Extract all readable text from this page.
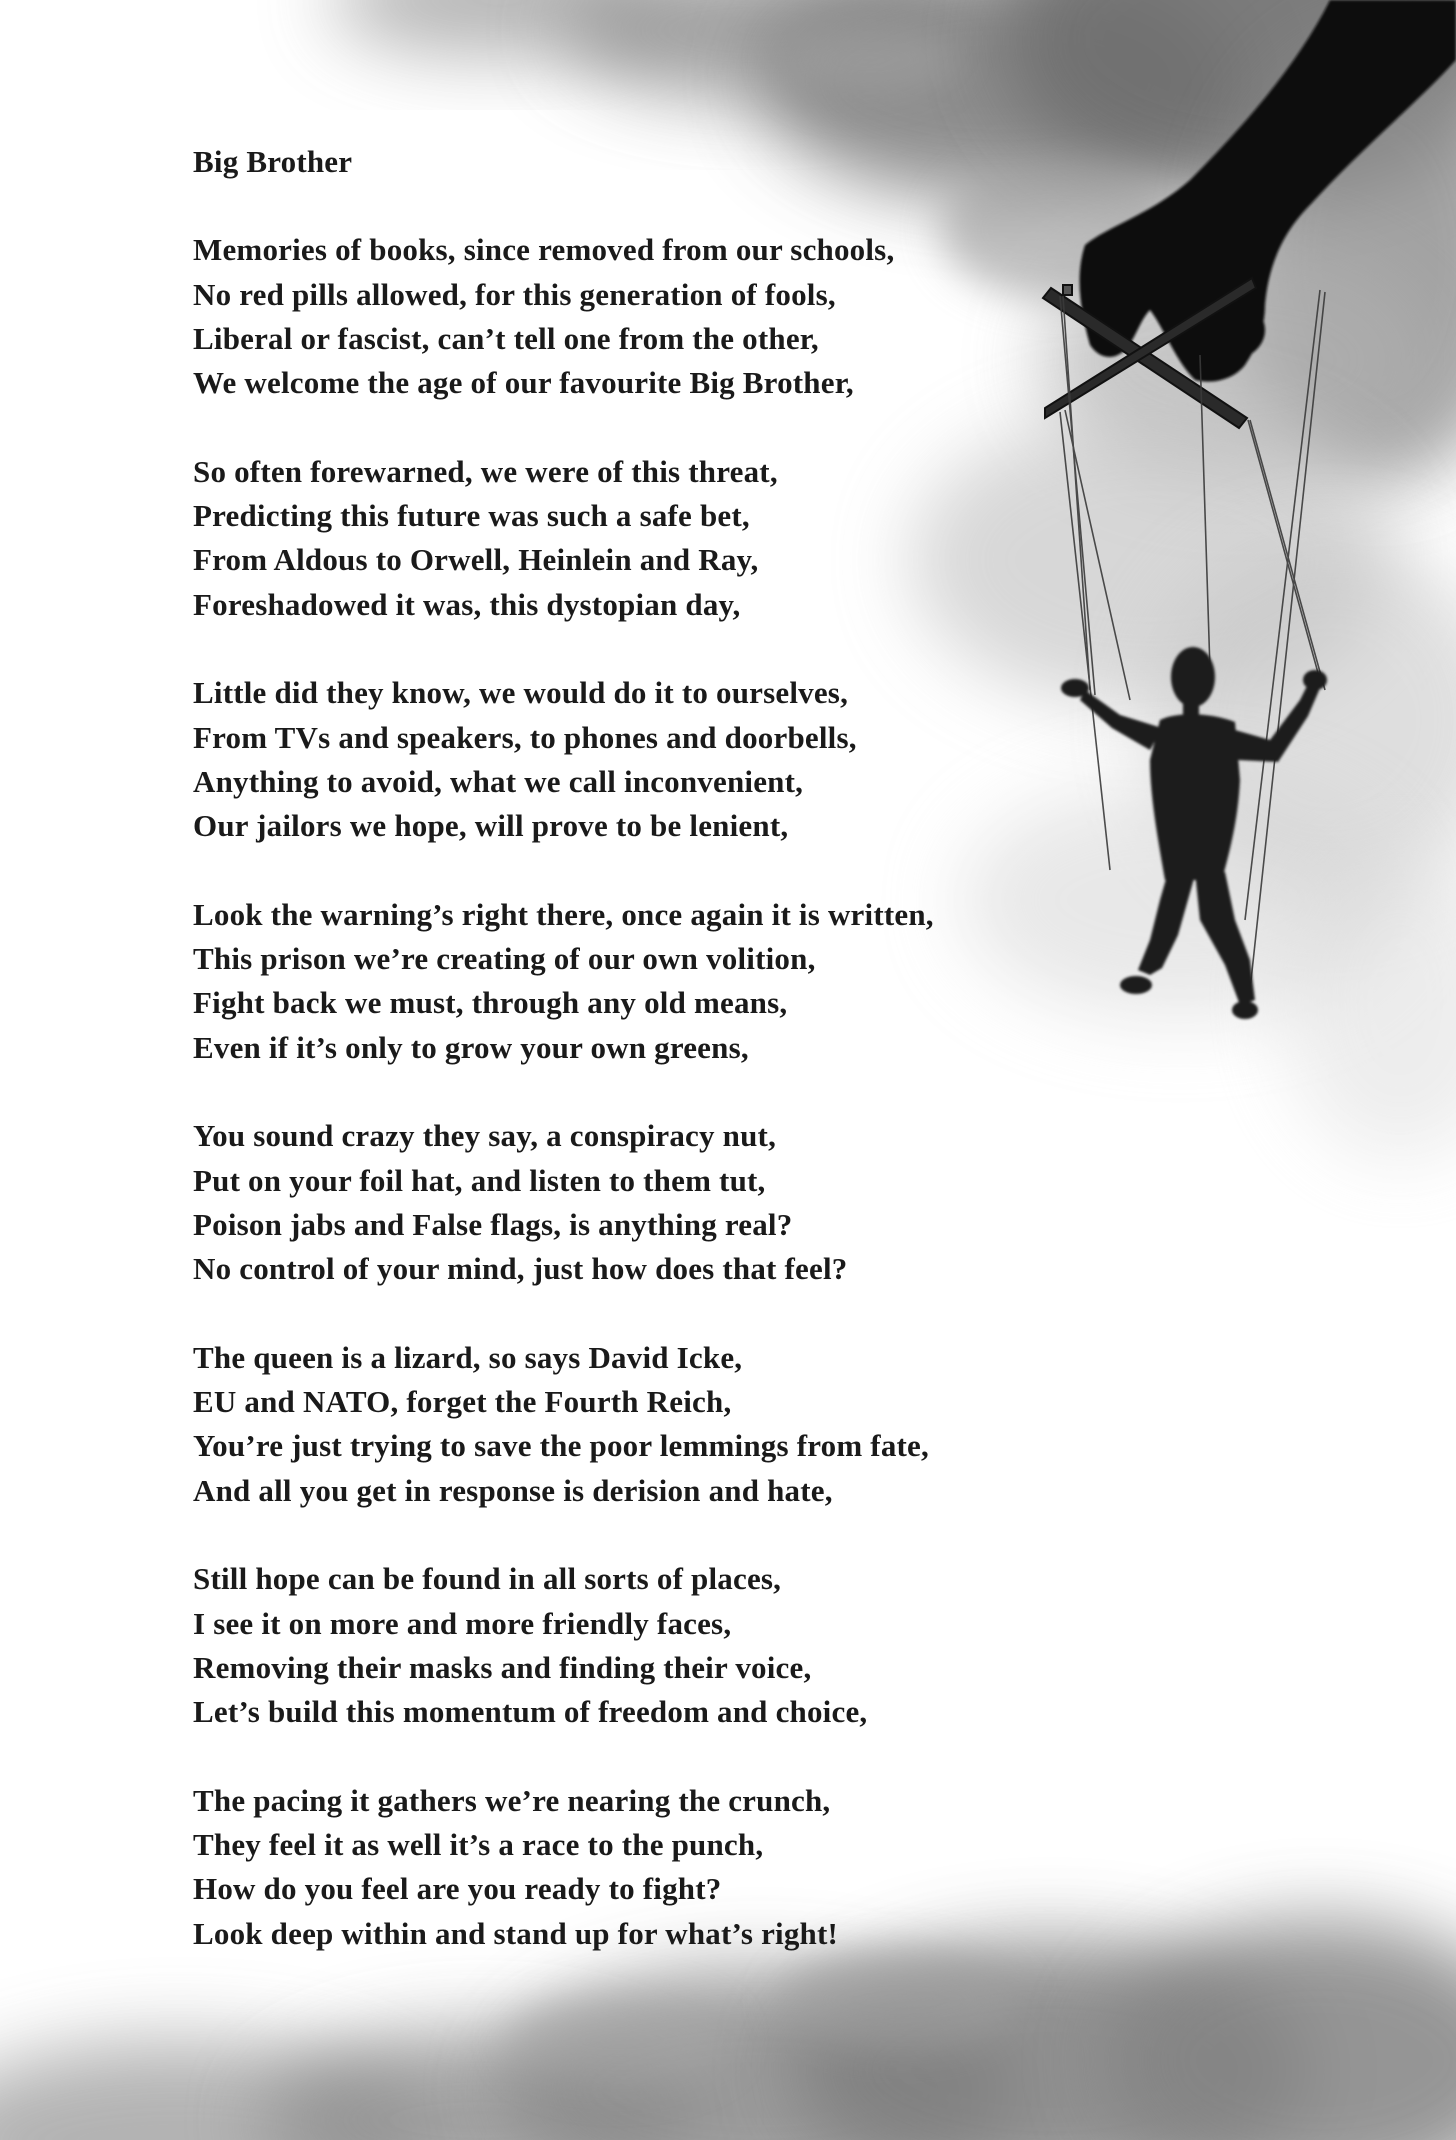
Big Brother
Memories of books, since removed from our schools,
No red pills allowed, for this generation of fools,
Liberal or fascist, can’t tell one from the other,
We welcome the age of our favourite Big Brother,
So often forewarned, we were of this threat,
Predicting this future was such a safe bet,
From Aldous to Orwell, Heinlein and Ray,
Foreshadowed it was, this dystopian day,
Little did they know, we would do it to ourselves,
From TVs and speakers, to phones and doorbells,
Anything to avoid, what we call inconvenient,
Our jailors we hope, will prove to be lenient,
Look the warning’s right there, once again it is written,
This prison we’re creating of our own volition,
Fight back we must, through any old means,
Even if it’s only to grow your own greens,
You sound crazy they say, a conspiracy nut,
Put on your foil hat, and listen to them tut,
Poison jabs and False flags, is anything real?
No control of your mind, just how does that feel?
The queen is a lizard, so says David Icke,
EU and NATO, forget the Fourth Reich,
You’re just trying to save the poor lemmings from fate,
And all you get in response is derision and hate,
Still hope can be found in all sorts of places,
I see it on more and more friendly faces,
Removing their masks and finding their voice,
Let’s build this momentum of freedom and choice,
The pacing it gathers we’re nearing the crunch,
They feel it as well it’s a race to the punch,
How do you feel are you ready to fight?
Look deep within and stand up for what’s right!
